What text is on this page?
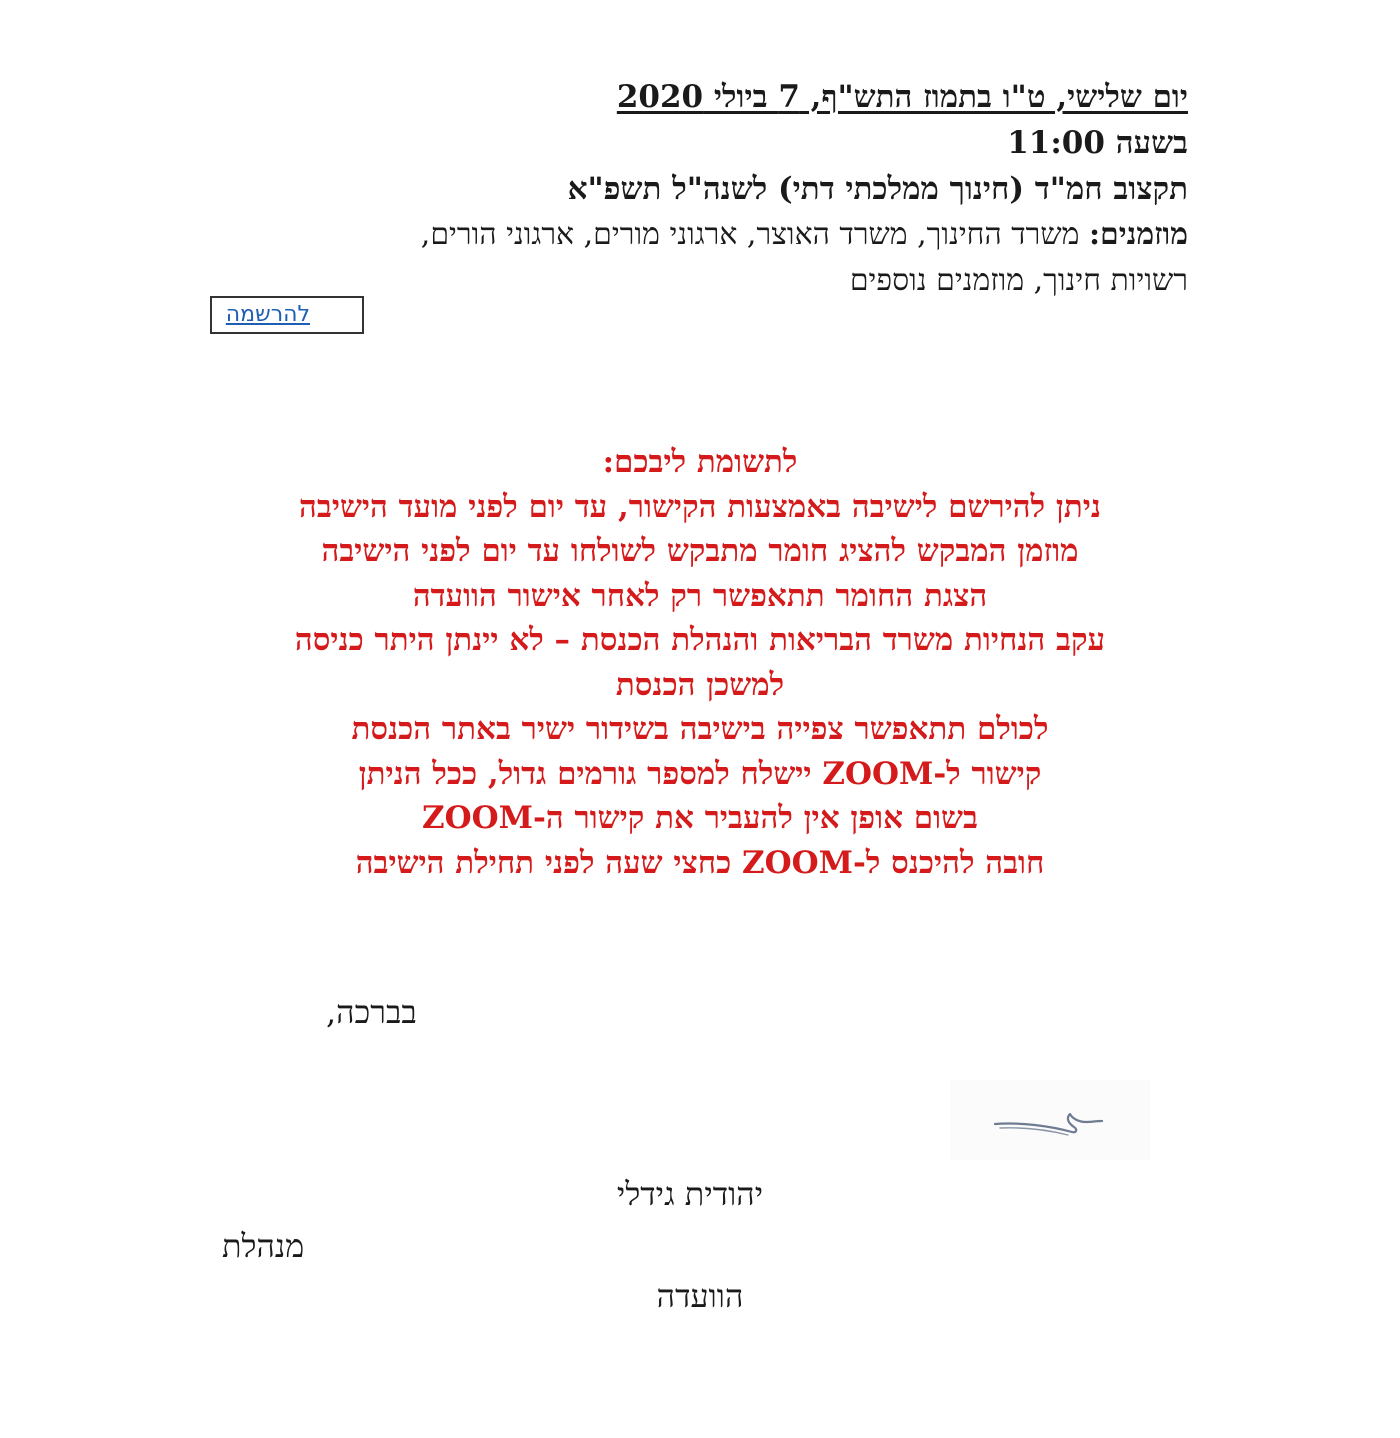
יום שלישי, ט"ו בתמוז התש"ף, 7 ביולי 2020
בשעה 11:00
תקצוב חמ"ד (חינוך ממלכתי דתי) לשנה"ל תשפ"א
מוזמנים: משרד החינוך, משרד האוצר, ארגוני מורים, ארגוני הורים,
רשויות חינוך, מוזמנים נוספים
להרשמה
לתשומת ליבכם:
ניתן להירשם לישיבה באמצעות הקישור, עד יום לפני מועד הישיבה
מוזמן המבקש להציג חומר מתבקש לשולחו עד יום לפני הישיבה
הצגת החומר תתאפשר רק לאחר אישור הוועדה
עקב הנחיות משרד הבריאות והנהלת הכנסת – לא יינתן היתר כניסה
למשכן הכנסת
לכולם תתאפשר צפייה בישיבה בשידור ישיר באתר הכנסת
קישור ל-ZOOM יישלח למספר גורמים גדול, ככל הניתן
בשום אופן אין להעביר את קישור ה-ZOOM
חובה להיכנס ל-ZOOM כחצי שעה לפני תחילת הישיבה
בברכה,
יהודית גידלי
מנהלת
הוועדה
